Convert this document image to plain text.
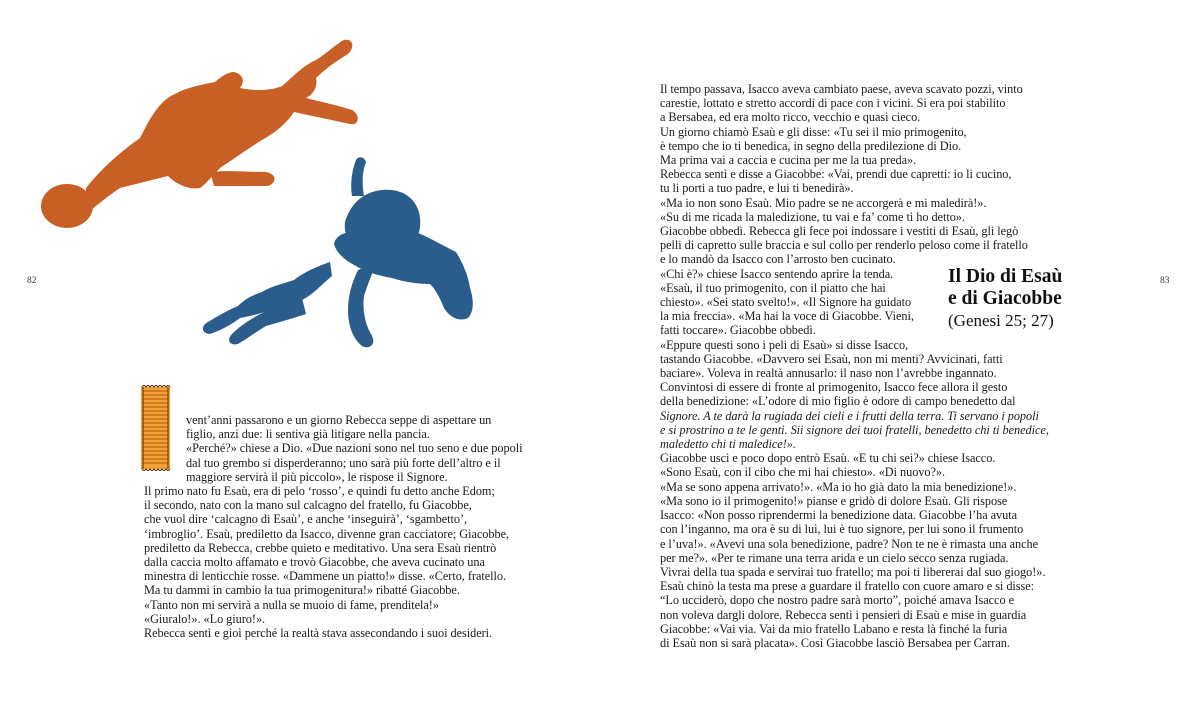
82	83
vent’anni passarono e un giorno Rebecca seppe di aspettare un
figlio, anzi due: li sentiva già litigare nella pancia.
«Perché?» chiese a Dio. «Due nazioni sono nel tuo seno e due popoli
dal tuo grembo si disperderanno; uno sarà più forte dell’altro e il
maggiore servirà il più piccolo», le rispose il Signore.
Il primo nato fu Esaù, era di pelo ‘rosso’, e quindi fu detto anche Edom;
il secondo, nato con la mano sul calcagno del fratello, fu Giacobbe,
che vuol dire ‘calcagno di Esaù’, e anche ‘inseguirà’, ‘sgambetto’,
‘imbroglio’. Esaù, prediletto da Isacco, divenne gran cacciatore; Giacobbe,
prediletto da Rebecca, crebbe quieto e meditativo. Una sera Esaù rientrò
dalla caccia molto affamato e trovò Giacobbe, che aveva cucinato una
minestra di lenticchie rosse. «Dammene un piatto!» disse. «Certo, fratello.
Ma tu dammi in cambio la tua primogenitura!» ribatté Giacobbe.
«Tanto non mi servirà a nulla se muoio di fame, prenditela!»
«Giuralo!». «Lo giuro!».
Rebecca sentì e gioì perché la realtà stava assecondando i suoi desideri.
Il tempo passava, Isacco aveva cambiato paese, aveva scavato pozzi, vinto
carestie, lottato e stretto accordi di pace con i vicini. Si era poi stabilito
a Bersabea, ed era molto ricco, vecchio e quasi cieco.
Un giorno chiamò Esaù e gli disse: «Tu sei il mio primogenito,
è tempo che io ti benedica, in segno della predilezione di Dio.
Ma prima vai a caccia e cucina per me la tua preda».
Rebecca sentì e disse a Giacobbe: «Vai, prendi due capretti: io li cucino,
tu li porti a tuo padre, e lui ti benedirà».
«Ma io non sono Esaù. Mio padre se ne accorgerà e mi maledirà!».
«Su di me ricada la maledizione, tu vai e fa’ come ti ho detto».
Giacobbe obbedì. Rebecca gli fece poi indossare i vestiti di Esaù, gli legò
pelli di capretto sulle braccia e sul collo per renderlo peloso come il fratello
e lo mandò da Isacco con l’arrosto ben cucinato.
«Chi è?» chiese Isacco sentendo aprire la tenda.
«Esaù, il tuo primogenito, con il piatto che hai
chiesto». «Sei stato svelto!». «Il Signore ha guidato
la mia freccia». «Ma hai la voce di Giacobbe. Vieni,
fatti toccare». Giacobbe obbedì.
«Eppure questi sono i peli di Esaù» si disse Isacco,
tastando Giacobbe. «Davvero sei Esaù, non mi menti? Avvicinati, fatti
baciare». Voleva in realtà annusarlo: il naso non l’avrebbe ingannato.
Convintosi di essere di fronte al primogenito, Isacco fece allora il gesto
della benedizione: «L’odore di mio figlio è odore di campo benedetto dal
Signore. A te darà la rugiada dei cieli e i frutti della terra. Ti servano i popoli
e si prostrino a te le genti. Sii signore dei tuoi fratelli, benedetto chi ti benedice,
maledetto chi ti maledice!».
Giacobbe uscì e poco dopo entrò Esaù. «E tu chi sei?» chiese Isacco.
«Sono Esaù, con il cibo che mi hai chiesto». «Di nuovo?».
«Ma se sono appena arrivato!». «Ma io ho già dato la mia benedizione!».
«Ma sono io il primogenito!» pianse e gridò di dolore Esaù. Gli rispose
Isacco: «Non posso riprendermi la benedizione data. Giacobbe l’ha avuta
con l’inganno, ma ora è su di lui, lui è tuo signore, per lui sono il frumento
e l’uva!». «Avevi una sola benedizione, padre? Non te ne è rimasta una anche
per me?». «Per te rimane una terra arida e un cielo secco senza rugiada.
Vivrai della tua spada e servirai tuo fratello; ma poi ti libererai dal suo giogo!».
Esaù chinò la testa ma prese a guardare il fratello con cuore amaro e si disse:
“Lo ucciderò, dopo che nostro padre sarà morto”, poiché amava Isacco e
non voleva dargli dolore. Rebecca sentì i pensieri di Esaù e mise in guardia
Giacobbe: «Vai via. Vai da mio fratello Labano e resta là finché la furia
di Esaù non si sarà placata». Così Giacobbe lasciò Bersabea per Carran.
Il Dio di Esaù
e di Giacobbe
(Genesi 25; 27)
